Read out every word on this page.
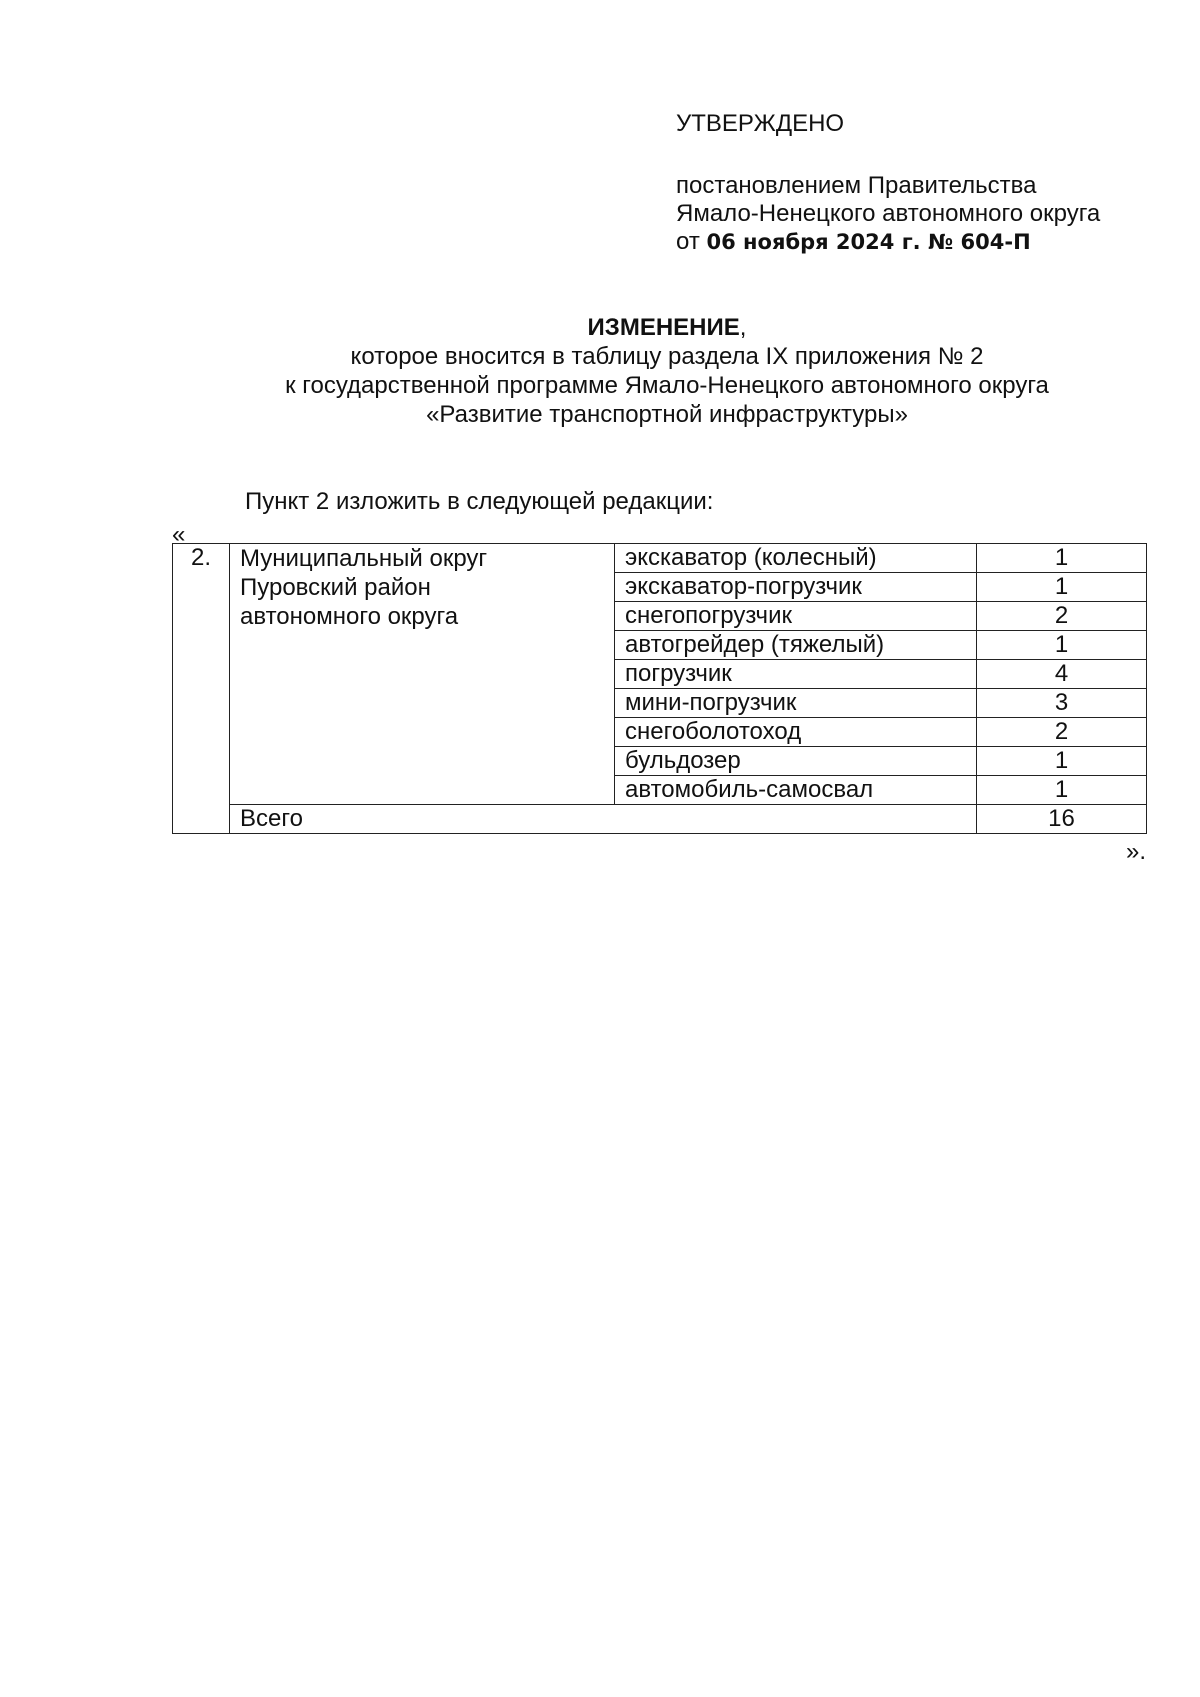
УТВЕРЖДЕНО
постановлением Правительства
Ямало-Ненецкого автономного округа
от 06 ноября 2024 г. № 604-П
ИЗМЕНЕНИЕ,
которое вносится в таблицу раздела IX приложения № 2
к государственной программе Ямало-Ненецкого автономного округа
«Развитие транспортной инфраструктуры»
Пункт 2 изложить в следующей редакции:
«
2.	Муниципальный округ
Пуровский район
автономного округа	экскаватор (колесный)	1
		экскаватор-погрузчик	1
		снегопогрузчик	2
		автогрейдер (тяжелый)	1
		погрузчик	4
		мини-погрузчик	3
		снегоболотоход	2
		бульдозер	1
		автомобиль-самосвал	1
	Всего		16
».
